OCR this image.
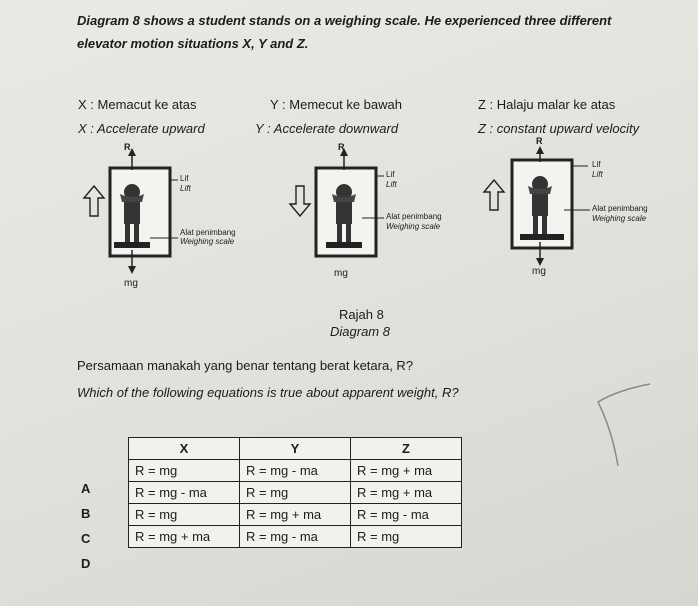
Diagram 8 shows a student stands on a weighing scale. He experienced three different
elevator motion situations X, Y and Z.
X : Memacut ke atas	Y : Memecut ke bawah	Z : Halaju malar ke atas
X : Accelerate upward	Y : Accelerate downward	Z : constant upward velocity
R
Lif
Lift
Alat penimbang
Weighing scale
mg
R
Lif
Lift
Alat penimbang
Weighing scale
mg
R
Lif
Lift
Alat penimbang
Weighing scale
mg
Rajah 8
Diagram 8
Persamaan manakah yang benar tentang berat ketara, R?
Which of the following equations is true about apparent weight, R?
A
B
C
D
X	Y	Z
R = mg	R = mg - ma	R = mg + ma
R = mg - ma	R = mg	R = mg + ma
R = mg	R = mg + ma	R = mg - ma
R = mg + ma	R = mg - ma	R = mg
